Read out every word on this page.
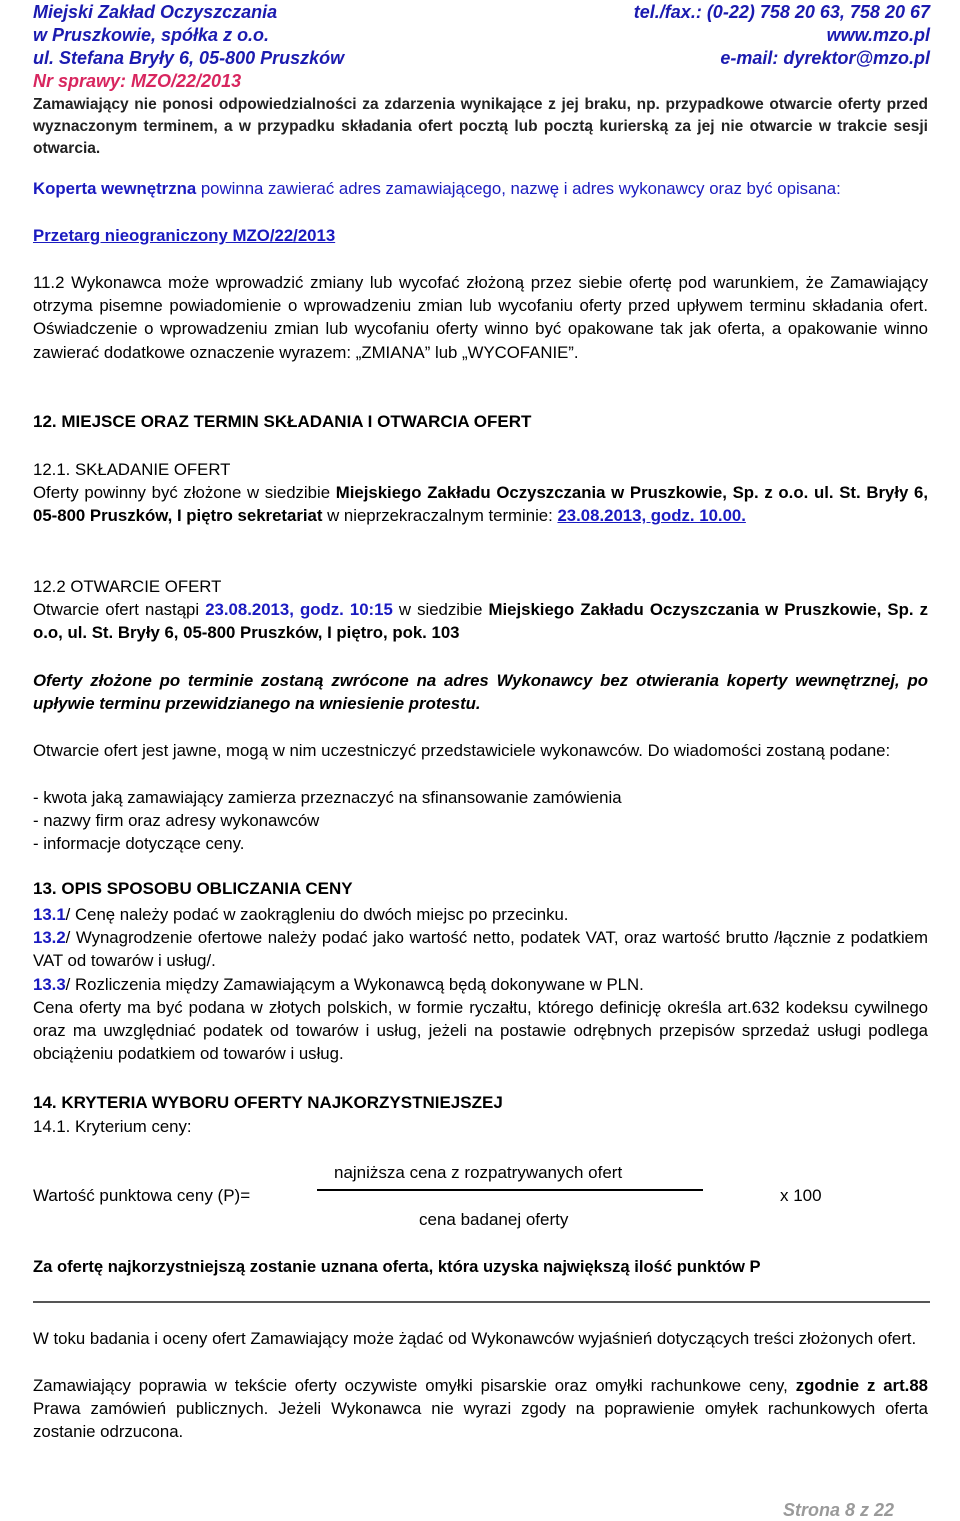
Miejski Zakład Oczyszczania	tel./fax.: (0-22) 758 20 63, 758 20 67
w Pruszkowie, spółka z o.o.	www.mzo.pl
ul. Stefana Bryły 6, 05-800 Pruszków	e-mail: dyrektor@mzo.pl
Nr sprawy: MZO/22/2013
Zamawiający nie ponosi odpowiedzialności za zdarzenia wynikające z jej braku, np. przypadkowe otwarcie oferty przed wyznaczonym terminem, a w przypadku składania ofert pocztą lub pocztą kurierską za jej nie otwarcie w trakcie sesji otwarcia.
Koperta wewnętrzna powinna zawierać adres zamawiającego, nazwę i adres wykonawcy oraz być opisana:
Przetarg nieograniczony MZO/22/2013
11.2 Wykonawca może wprowadzić zmiany lub wycofać złożoną przez siebie ofertę pod warunkiem, że Zamawiający otrzyma pisemne powiadomienie o wprowadzeniu zmian lub wycofaniu oferty przed upływem terminu składania ofert. Oświadczenie o wprowadzeniu zmian lub wycofaniu oferty winno być opakowane tak jak oferta, a opakowanie winno zawierać dodatkowe oznaczenie wyrazem: „ZMIANA” lub „WYCOFANIE”.
12. MIEJSCE ORAZ TERMIN SKŁADANIA I OTWARCIA OFERT
12.1. SKŁADANIE OFERT
Oferty powinny być złożone w siedzibie Miejskiego Zakładu Oczyszczania w Pruszkowie, Sp. z o.o. ul. St. Bryły 6, 05-800 Pruszków, I piętro sekretariat w nieprzekraczalnym terminie: 23.08.2013, godz. 10.00.
12.2 OTWARCIE OFERT
Otwarcie ofert nastąpi 23.08.2013, godz. 10:15 w siedzibie Miejskiego Zakładu Oczyszczania w Pruszkowie, Sp. z o.o, ul. St. Bryły 6, 05-800 Pruszków, I piętro, pok. 103
Oferty złożone po terminie zostaną zwrócone na adres Wykonawcy bez otwierania koperty wewnętrznej, po upływie terminu przewidzianego na wniesienie protestu.
Otwarcie ofert jest jawne, mogą w nim uczestniczyć przedstawiciele wykonawców. Do wiadomości zostaną podane:
- kwota jaką zamawiający zamierza przeznaczyć na sfinansowanie zamówienia
- nazwy firm oraz adresy wykonawców
- informacje dotyczące ceny.
13. OPIS SPOSOBU OBLICZANIA CENY
13.1/ Cenę należy podać w zaokrągleniu do dwóch miejsc po przecinku.
13.2/ Wynagrodzenie ofertowe należy podać jako wartość netto, podatek VAT, oraz wartość brutto /łącznie z podatkiem VAT od towarów i usług/.
13.3/ Rozliczenia między Zamawiającym a Wykonawcą będą dokonywane w PLN.
Cena oferty ma być podana w złotych polskich, w formie ryczałtu, którego definicję określa art.632 kodeksu cywilnego oraz ma uwzględniać podatek od towarów i usług, jeżeli na postawie odrębnych przepisów sprzedaż usługi podlega obciążeniu podatkiem od towarów i usług.
14. KRYTERIA WYBORU OFERTY NAJKORZYSTNIEJSZEJ
14.1. Kryterium ceny:
najniższa cena z rozpatrywanych ofert
Wartość punktowa ceny (P)=	x 100
cena badanej oferty
Za ofertę najkorzystniejszą zostanie uznana oferta, która uzyska największą ilość punktów P
W toku badania i oceny ofert Zamawiający może żądać od Wykonawców wyjaśnień dotyczących treści złożonych ofert.
Zamawiający poprawia w tekście oferty oczywiste omyłki pisarskie oraz omyłki rachunkowe ceny, zgodnie z art.88 Prawa zamówień publicznych. Jeżeli Wykonawca nie wyrazi zgody na poprawienie omyłek rachunkowych oferta zostanie odrzucona.
Strona 8 z 22
